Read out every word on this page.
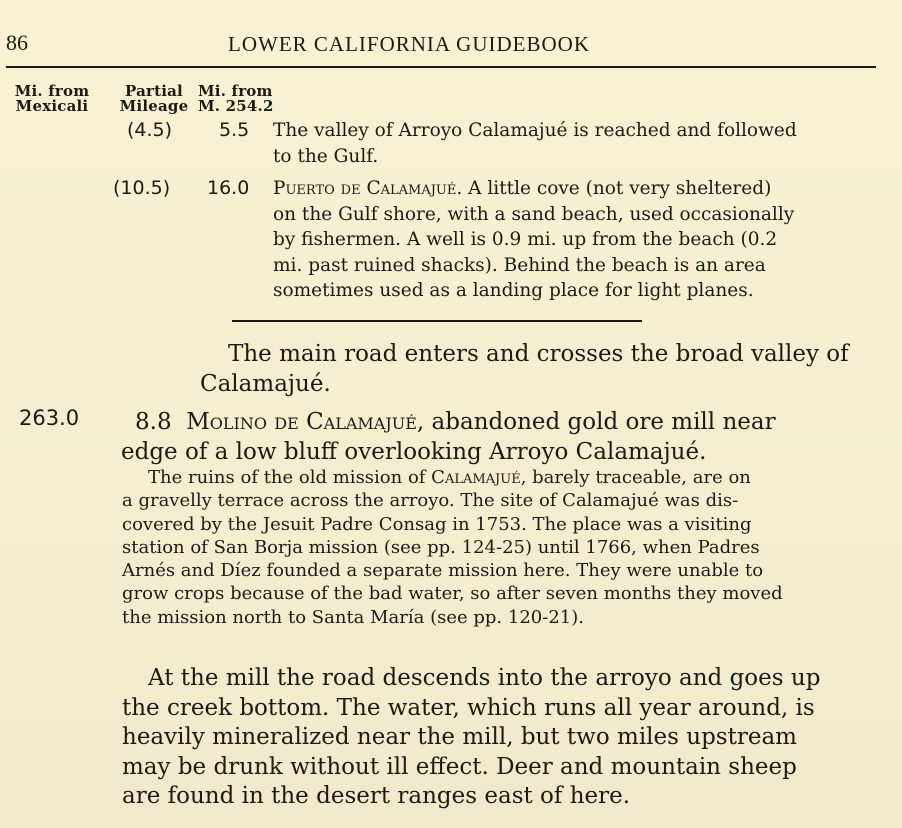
86	LOWER CALIFORNIA GUIDEBOOK
Mi. from
Mexicali
Partial
Mileage
Mi. from
M. 254.2
(4.5) 5.5 The valley of Arroyo Calamajué is reached and followed
to the Gulf.
(10.5) 16.0 Puerto de Calamajué. A little cove (not very sheltered)
on the Gulf shore, with a sand beach, used occasionally
by fishermen. A well is 0.9 mi. up from the beach (0.2
mi. past ruined shacks). Behind the beach is an area
sometimes used as a landing place for light planes.
The main road enters and crosses the broad valley of
Calamajué.
263.0	8.8 Molino de Calamajué, abandoned gold ore mill near
edge of a low bluff overlooking Arroyo Calamajué.
The ruins of the old mission of Calamajué, barely traceable, are on
a gravelly terrace across the arroyo. The site of Calamajué was dis-
covered by the Jesuit Padre Consag in 1753. The place was a visiting
station of San Borja mission (see pp. 124-25) until 1766, when Padres
Arnés and Díez founded a separate mission here. They were unable to
grow crops because of the bad water, so after seven months they moved
the mission north to Santa María (see pp. 120-21).
At the mill the road descends into the arroyo and goes up
the creek bottom. The water, which runs all year around, is
heavily mineralized near the mill, but two miles upstream
may be drunk without ill effect. Deer and mountain sheep
are found in the desert ranges east of here.
